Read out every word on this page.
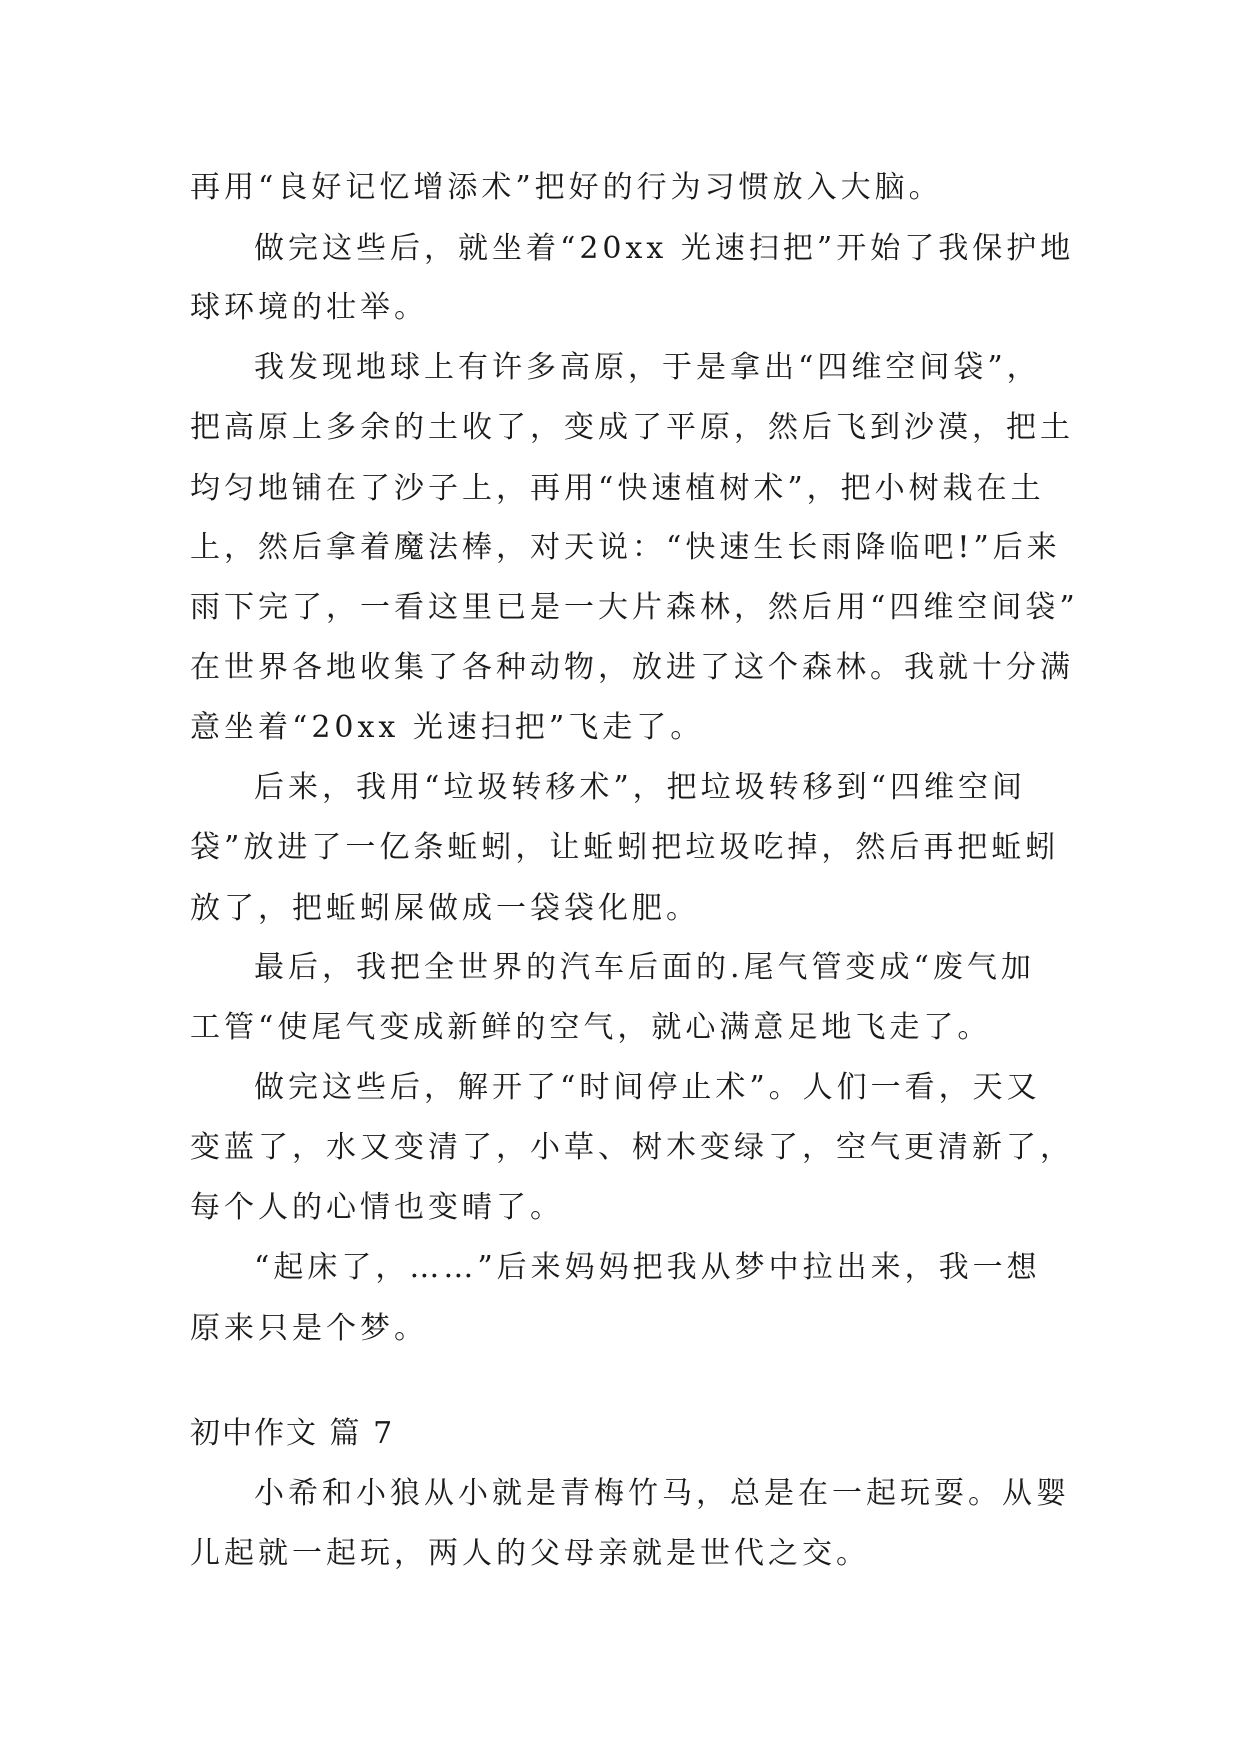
再用“良好记忆增添术”把好的行为习惯放入大脑。
做完这些后，就坐着“20xx 光速扫把”开始了我保护地
球环境的壮举。
我发现地球上有许多高原，于是拿出“四维空间袋”，
把高原上多余的土收了，变成了平原，然后飞到沙漠，把土
均匀地铺在了沙子上，再用“快速植树术”，把小树栽在土
上，然后拿着魔法棒，对天说：“快速生长雨降临吧!”后来
雨下完了，一看这里已是一大片森林，然后用“四维空间袋”
在世界各地收集了各种动物，放进了这个森林。我就十分满
意坐着“20xx 光速扫把”飞走了。
后来，我用“垃圾转移术”，把垃圾转移到“四维空间
袋”放进了一亿条蚯蚓，让蚯蚓把垃圾吃掉，然后再把蚯蚓
放了，把蚯蚓屎做成一袋袋化肥。
最后，我把全世界的汽车后面的.尾气管变成“废气加
工管“使尾气变成新鲜的空气，就心满意足地飞走了。
做完这些后，解开了“时间停止术”。人们一看，天又
变蓝了，水又变清了，小草、树木变绿了，空气更清新了，
每个人的心情也变晴了。
“起床了，……”后来妈妈把我从梦中拉出来，我一想
原来只是个梦。
初中作文 篇 7
小希和小狼从小就是青梅竹马，总是在一起玩耍。从婴
儿起就一起玩，两人的父母亲就是世代之交。
